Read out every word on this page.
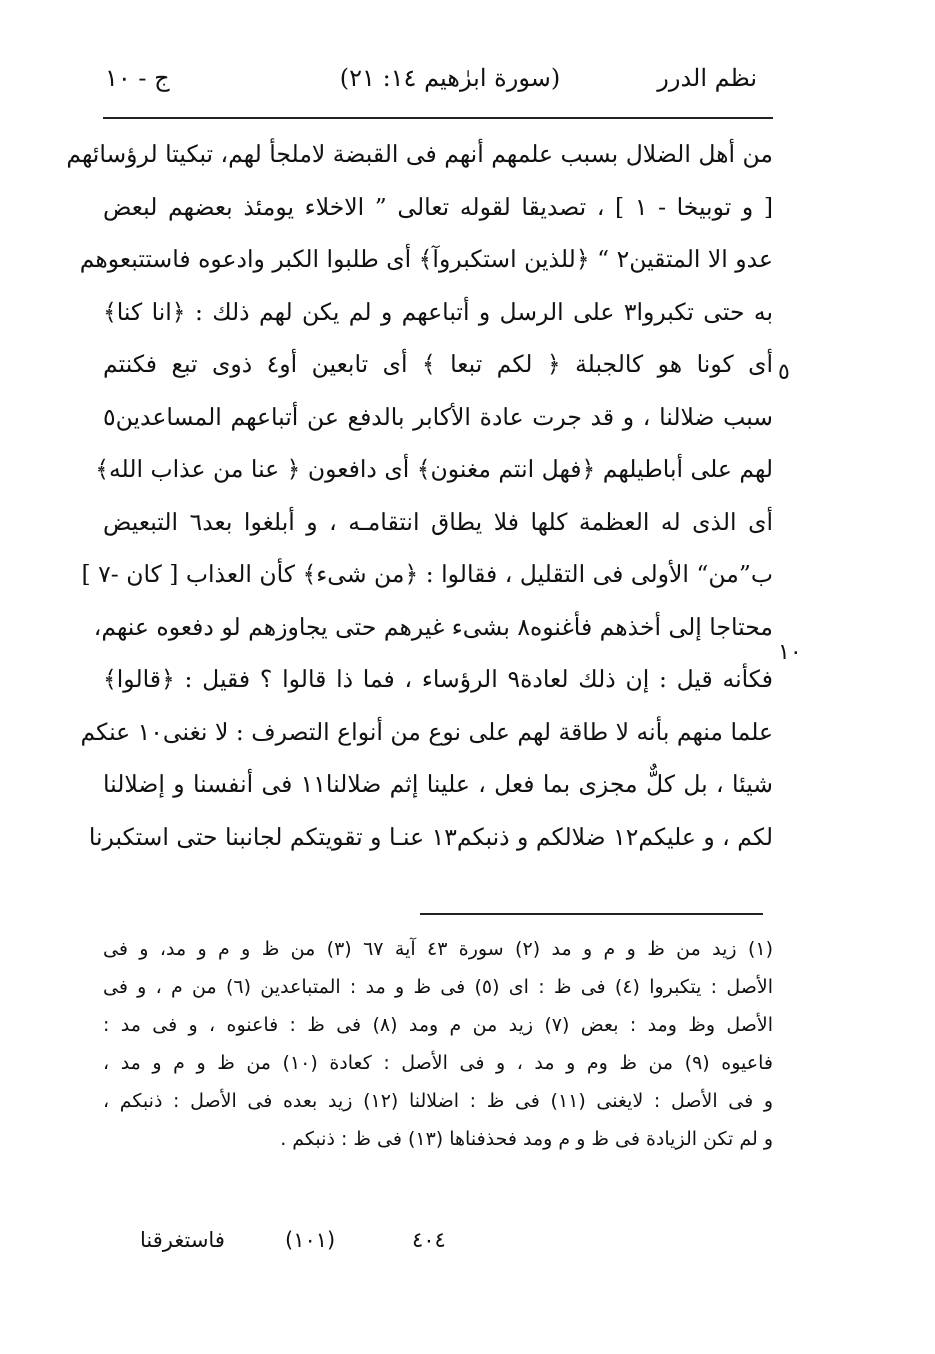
نظم الدرر
(سورة ابرٰهيم ١٤: ٢١)
ج - ١٠
من أهل الضلال بسبب علمهم أنهم فى القبضة لاملجأ لهم، تبكيتا لرؤسائهم
[ و توبيخا - ١ ] ، تصديقا لقوله تعالى ” الاخلاء يومئذ بعضهم لبعض
عدو الا المتقين٢ “ ﴿للذين استكبروآ﴾ أى طلبوا الكبر وادعوه فاستتبعوهم
به حتى تكبروا٣ على الرسل و أتباعهم و لم يكن لهم ذلك : ﴿انا كنا﴾
أى كونا هو كالجبلة ﴿ لكم تبعا ﴾ أى تابعين أو٤ ذوى تبع فكنتم
سبب ضلالنا ، و قد جرت عادة الأكابر بالدفع عن أتباعهم المساعدين٥
لهم على أباطيلهم ﴿فهل انتم مغنون﴾ أى دافعون ﴿ عنا من عذاب الله﴾
أى الذى له العظمة كلها فلا يطاق انتقامـه ، و أبلغوا بعد٦ التبعيض
ب”من“ الأولى فى التقليل ، فقالوا : ﴿من شىء﴾ كأن العذاب [ كان -٧ ]
محتاجا إلى أخذهم فأغنوه٨ بشىء غيرهم حتى يجاوزهم لو دفعوه عنهم،
فكأنه قيل : إن ذلك لعادة٩ الرؤساء ، فما ذا قالوا ؟ فقيل : ﴿قالوا﴾
علما منهم بأنه لا طاقة لهم على نوع من أنواع التصرف : لا نغنى١٠ عنكم
شيئا ، بل كلٌّ مجزى بما فعل ، علينا إثم ضلالنا١١ فى أنفسنا و إضلالنا
لكم ، و عليكم١٢ ضلالكم و ذنبكم١٣ عنـا و تقويتكم لجانبنا حتى استكبرنا
٥
١٠
(١) زيد من ظ و م و مد (٢) سورة ٤٣ آية ٦٧ (٣) من ظ و م و مد، و فى
الأصل : يتكبروا (٤) فى ظ : اى (٥) فى ظ و مد : المتباعدين (٦) من م ، و فى
الأصل وظ ومد : بعض (٧) زيد من م ومد (٨) فى ظ : فاعنوه ، و فى مد :
فاعيوه (٩) من ظ وم و مد ، و فى الأصل : كعادة (١٠) من ظ و م و مد ،
و فى الأصل : لايغنى (١١) فى ظ : اضلالنا (١٢) زيد بعده فى الأصل : ذنبكم ،
و لم تكن الزيادة فى ظ و م ومد فحذفناها (١٣) فى ظ : ذنبكم .
٤٠٤
(١٠١)
فاستغرقنا
